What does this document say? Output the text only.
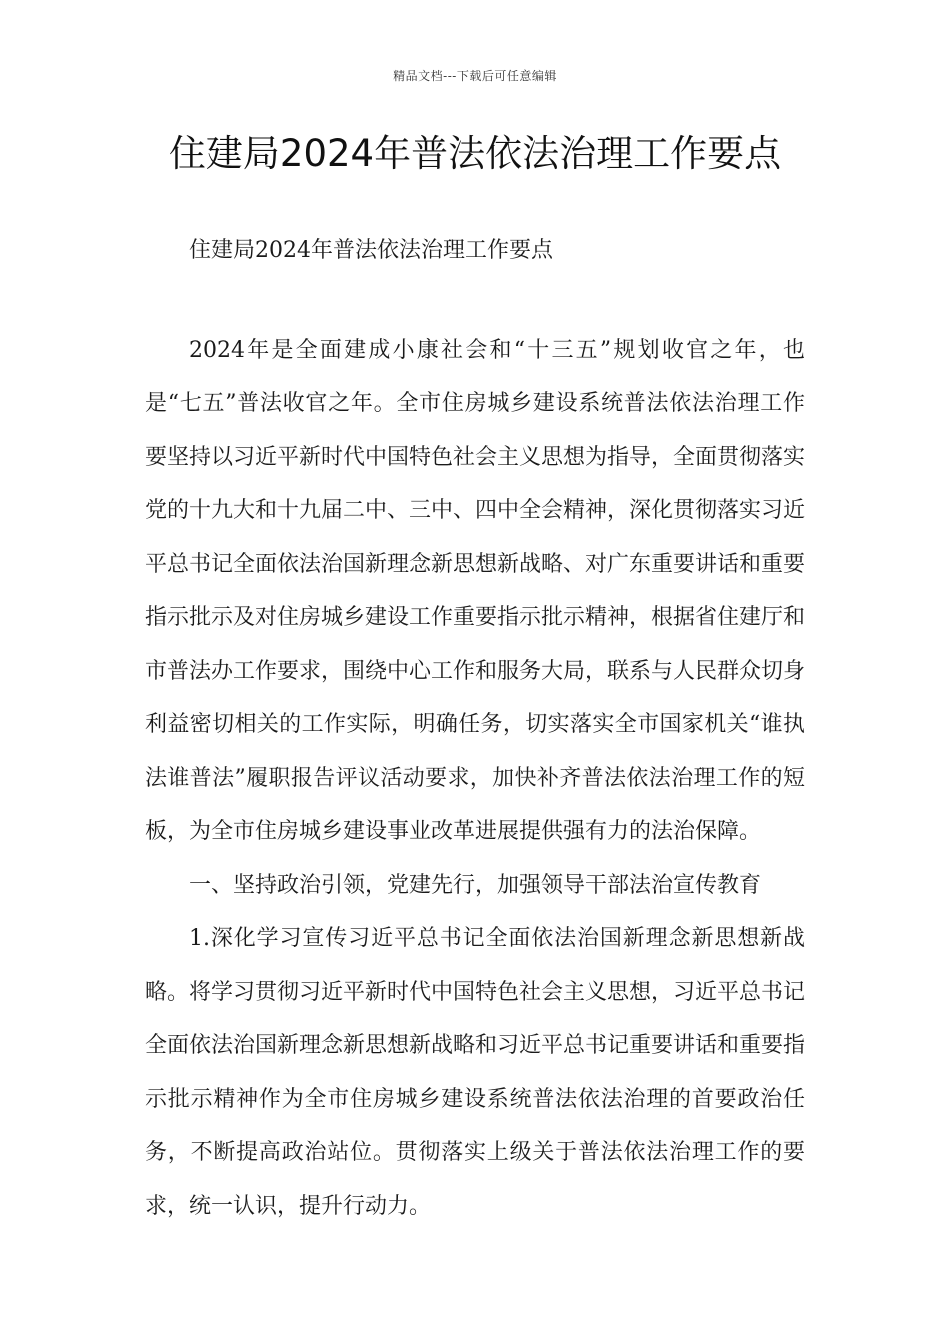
精品文档---下载后可任意编辑
住建局2024年普法依法治理工作要点

住建局2024年普法依法治理工作要点

2024年是全面建成小康社会和“十三五”规划收官之年，也是“七五”普法收官之年。全市住房城乡建设系统普法依法治理工作要坚持以习近平新时代中国特色社会主义思想为指导，全面贯彻落实党的十九大和十九届二中、三中、四中全会精神，深化贯彻落实习近平总书记全面依法治国新理念新思想新战略、对广东重要讲话和重要指示批示及对住房城乡建设工作重要指示批示精神，根据省住建厅和市普法办工作要求，围绕中心工作和服务大局，联系与人民群众切身利益密切相关的工作实际，明确任务，切实落实全市国家机关“谁执法谁普法”履职报告评议活动要求，加快补齐普法依法治理工作的短板，为全市住房城乡建设事业改革进展提供强有力的法治保障。

一、坚持政治引领，党建先行，加强领导干部法治宣传教育

1.深化学习宣传习近平总书记全面依法治国新理念新思想新战略。将学习贯彻习近平新时代中国特色社会主义思想，习近平总书记全面依法治国新理念新思想新战略和习近平总书记重要讲话和重要指示批示精神作为全市住房城乡建设系统普法依法治理的首要政治任务，不断提高政治站位。贯彻落实上级关于普法依法治理工作的要求，统一认识，提升行动力。
